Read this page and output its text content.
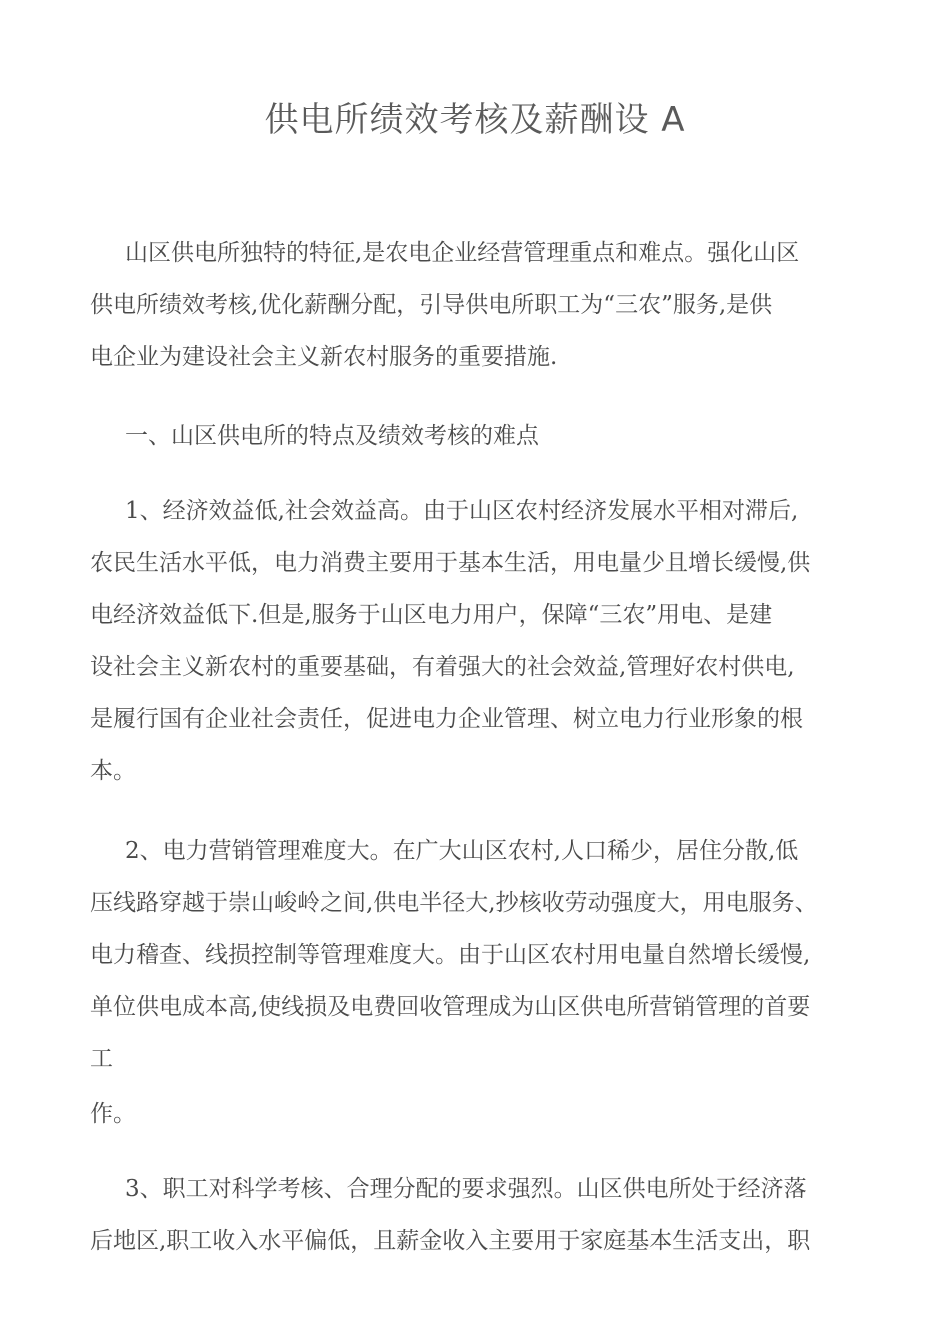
供电所绩效考核及薪酬设 A

山区供电所独特的特征,是农电企业经营管理重点和难点。强化山区
供电所绩效考核,优化薪酬分配，引导供电所职工为“三农”服务,是供
电企业为建设社会主义新农村服务的重要措施.

一、山区供电所的特点及绩效考核的难点

1、经济效益低,社会效益高。由于山区农村经济发展水平相对滞后,
农民生活水平低，电力消费主要用于基本生活，用电量少且增长缓慢,供
电经济效益低下.但是,服务于山区电力用户，保障“三农”用电、是建
设社会主义新农村的重要基础，有着强大的社会效益,管理好农村供电,
是履行国有企业社会责任，促进电力企业管理、树立电力行业形象的根
本。

2、电力营销管理难度大。在广大山区农村,人口稀少，居住分散,低
压线路穿越于崇山峻岭之间,供电半径大,抄核收劳动强度大，用电服务、
电力稽查、线损控制等管理难度大。由于山区农村用电量自然增长缓慢,
单位供电成本高,使线损及电费回收管理成为山区供电所营销管理的首要
工
作。

3、职工对科学考核、合理分配的要求强烈。山区供电所处于经济落
后地区,职工收入水平偏低，且薪金收入主要用于家庭基本生活支出，职
